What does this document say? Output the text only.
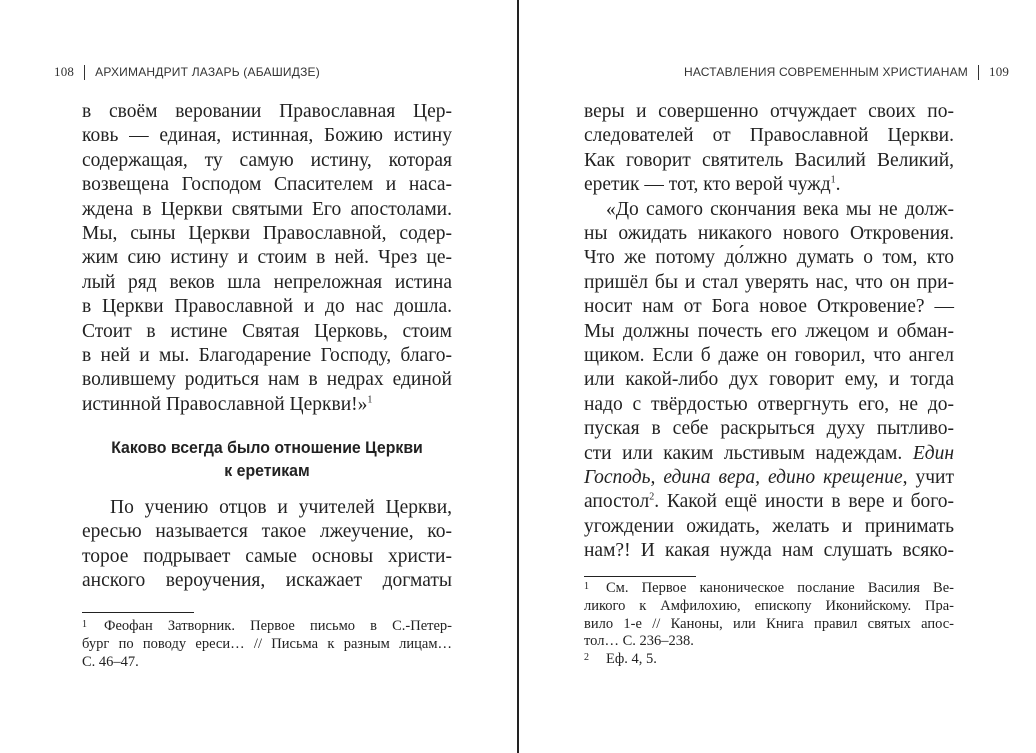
108 АРХИМАНДРИТ ЛАЗАРЬ (АБАШИДЗЕ)
в своём веровании Православная Цер-
ковь — единая, истинная, Божию истину
содержащая, ту самую истину, которая
возвещена Господом Спасителем и наса-
ждена в Церкви святыми Его апостолами.
Мы, сыны Церкви Православной, содер-
жим сию истину и стоим в ней. Чрез це-
лый ряд веков шла непреложная истина
в Церкви Православной и до нас дошла.
Стоит в истине Святая Церковь, стоим
в ней и мы. Благодарение Господу, благо-
волившему родиться нам в недрах единой
истинной Православной Церкви!»$^1$
Каково всегда было отношение Церкви
к еретикам
По учению отцов и учителей Церкви,
ересью называется такое лжеучение, ко-
торое подрывает самые основы христи-
анского вероучения, искажает догматы
1 Феофан Затворник. Первое письмо в С.-Петер-
бург по поводу ереси… // Письма к разным лицам…
С. 46–47.
НАСТАВЛЕНИЯ СОВРЕМЕННЫМ ХРИСТИАНАМ 109
веры и совершенно отчуждает своих по-
следователей от Православной Церкви.
Как говорит святитель Василий Великий,
еретик — тот, кто верой чужд$^1$.
«До самого скончания века мы не долж-
ны ожидать никакого нового Откровения.
Что же потому до́лжно думать о том, кто
пришёл бы и стал уверять нас, что он при-
носит нам от Бога новое Откровение? —
Мы должны почесть его лжецом и обман-
щиком. Если б даже он говорил, что ангел
или какой-либо дух говорит ему, и тогда
надо с твёрдостью отвергнуть его, не до-
пуская в себе раскрыться духу пытливо-
сти или каким льстивым надеждам. Един
Господь, едина вера, едино крещение, учит
апостол$^2$. Какой ещё иности в вере и бого-
угождении ожидать, желать и принимать
нам?! И какая нужда нам слушать всяко-
1 См. Первое каноническое послание Василия Ве-
ликого к Амфилохию, епископу Иконийскому. Пра-
вило 1-е // Каноны, или Книга правил святых апос-
тол… С. 236–238.
2 Еф. 4, 5.
